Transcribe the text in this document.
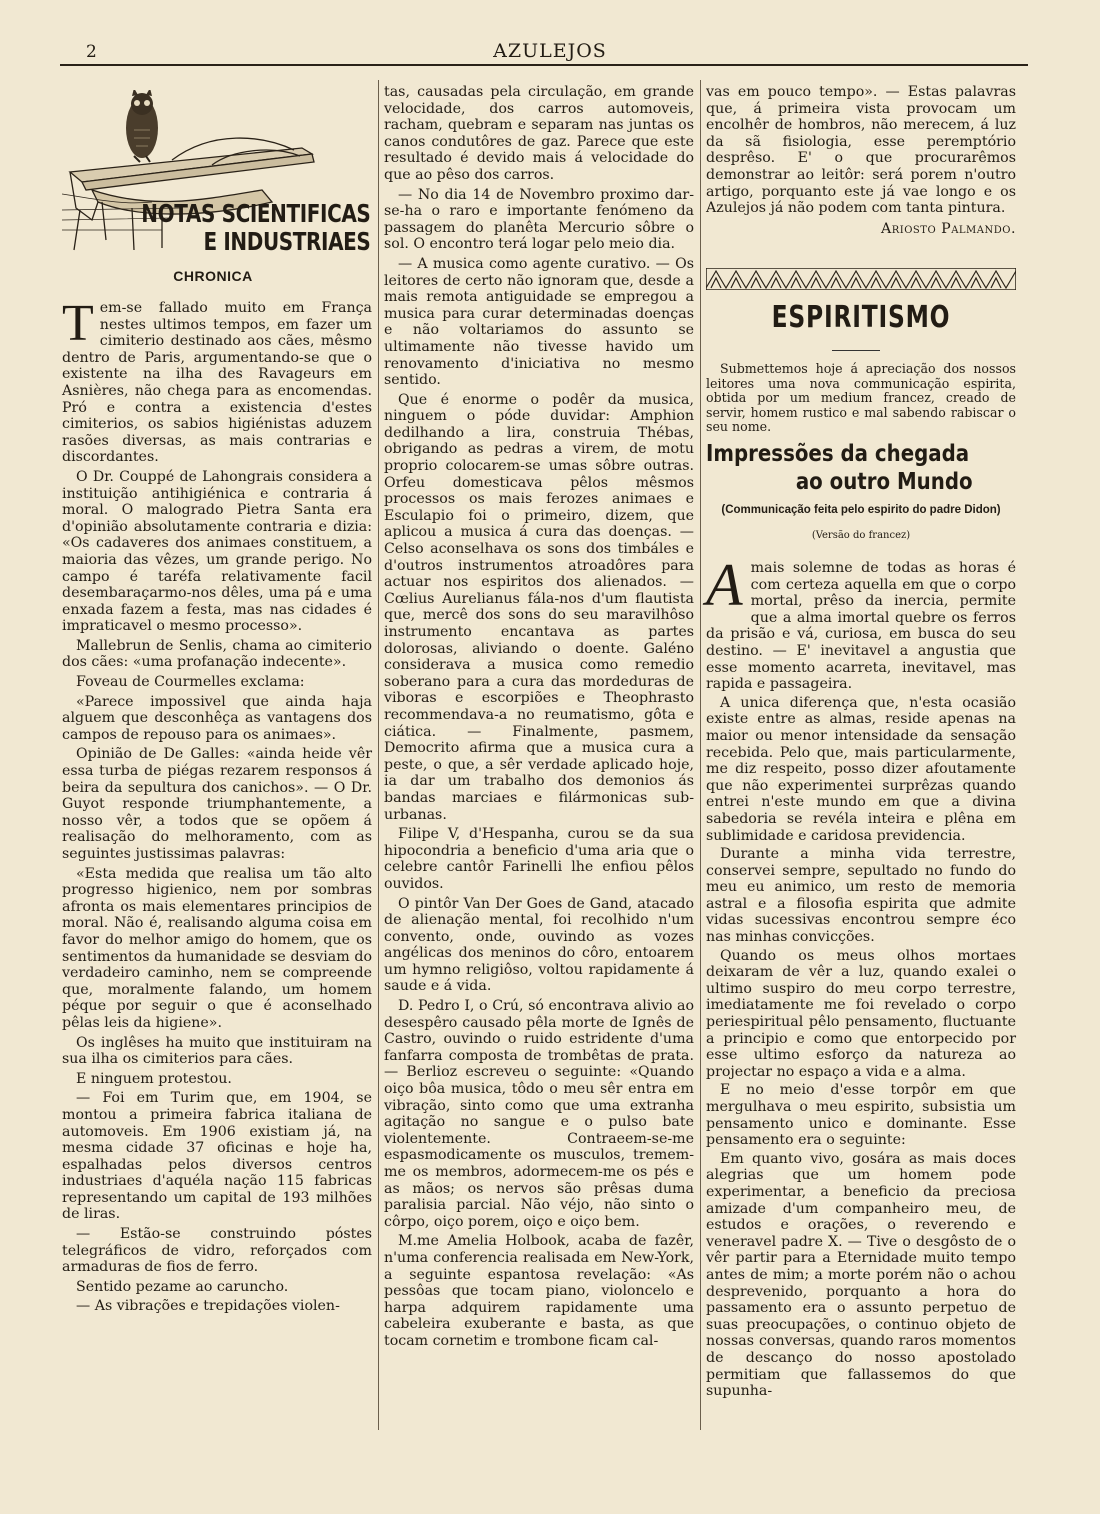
2	AZULEJOS
NOTAS SCIENTIFICAS
E INDUSTRIAES
CHRONICA

Tem-se fallado muito em França nestes ultimos tempos, em fazer um cimiterio destinado aos cães, mêsmo dentro de Paris, argumentando-se que o existente na ilha des Ravageurs em Asnières, não chega para as encomendas. Pró e contra a existencia d'estes cimiterios, os sabios higiénistas aduzem rasões diversas, as mais contrarias e discordantes.

O Dr. Couppé de Lahongrais considera a instituição antihigiénica e contraria á moral. O malogrado Pietra Santa era d'opinião absolutamente contraria e dizia: «Os cadaveres dos animaes constituem, a maioria das vêzes, um grande perigo. No campo é taréfa relativamente facil desembaraçarmo-nos dêles, uma pá e uma enxada fazem a festa, mas nas cidades é impraticavel o mesmo processo».

Mallebrun de Senlis, chama ao cimiterio dos cães: «uma profanação indecente».

Foveau de Courmelles exclama:

«Parece impossivel que ainda haja alguem que desconhêça as vantagens dos campos de repouso para os animaes».

Opinião de De Galles: «ainda heide vêr essa turba de piégas rezarem responsos á beira da sepultura dos canichos». — O Dr. Guyot responde triumphantemente, a nosso vêr, a todos que se opõem á realisação do melhoramento, com as seguintes justissimas palavras:

«Esta medida que realisa um tão alto progresso higienico, nem por sombras afronta os mais elementares principios de moral. Não é, realisando alguma coisa em favor do melhor amigo do homem, que os sentimentos da humanidade se desviam do verdadeiro caminho, nem se compreende que, moralmente falando, um homem péque por seguir o que é aconselhado pêlas leis da higiene».

Os inglêses ha muito que instituiram na sua ilha os cimiterios para cães.

E ninguem protestou.

— Foi em Turim que, em 1904, se montou a primeira fabrica italiana de automoveis. Em 1906 existiam já, na mesma cidade 37 oficinas e hoje ha, espalhadas pelos diversos centros industriaes d'aquéla nação 115 fabricas representando um capital de 193 milhões de liras.

— Estão-se construindo póstes telegráficos de vidro, reforçados com armaduras de fios de ferro.

Sentido pezame ao caruncho.

— As vibrações e trepidações violen-

tas, causadas pela circulação, em grande velocidade, dos carros automoveis, racham, quebram e separam nas juntas os canos condutôres de gaz. Parece que este resultado é devido mais á velocidade do que ao pêso dos carros.

— No dia 14 de Novembro proximo dar-se-ha o raro e importante fenómeno da passagem do planêta Mercurio sôbre o sol. O encontro terá logar pelo meio dia.

— A musica como agente curativo. — Os leitores de certo não ignoram que, desde a mais remota antiguidade se empregou a musica para curar determinadas doenças e não voltariamos do assunto se ultimamente não tivesse havido um renovamento d'iniciativa no mesmo sentido.

Que é enorme o podêr da musica, ninguem o póde duvidar: Amphion dedilhando a lira, construia Thébas, obrigando as pedras a virem, de motu proprio colocarem-se umas sôbre outras. Orfeu domesticava pêlos mêsmos processos os mais ferozes animaes e Esculapio foi o primeiro, dizem, que aplicou a musica á cura das doenças. — Celso aconselhava os sons dos timbáles e d'outros instrumentos atroadôres para actuar nos espiritos dos alienados. — Cœlius Aurelianus fála-nos d'um flautista que, mercê dos sons do seu maravilhôso instrumento encantava as partes dolorosas, aliviando o doente. Galéno considerava a musica como remedio soberano para a cura das mordeduras de viboras e escorpiões e Theophrasto recommendava-a no reumatismo, gôta e ciática. — Finalmente, pasmem, Democrito afirma que a musica cura a peste, o que, a sêr verdade aplicado hoje, ia dar um trabalho dos demonios ás bandas marciaes e filármonicas sub-urbanas.

Filipe V, d'Hespanha, curou se da sua hipocondria a beneficio d'uma aria que o celebre cantôr Farinelli lhe enfiou pêlos ouvidos.

O pintôr Van Der Goes de Gand, atacado de alienação mental, foi recolhido n'um convento, onde, ouvindo as vozes angélicas dos meninos do côro, entoarem um hymno religiôso, voltou rapidamente á saude e á vida.

D. Pedro I, o Crú, só encontrava alivio ao desespêro causado pêla morte de Ignês de Castro, ouvindo o ruido estridente d'uma fanfarra composta de trombêtas de prata. — Berlioz escreveu o seguinte: «Quando oiço bôa musica, tôdo o meu sêr entra em vibração, sinto como que uma extranha agitação no sangue e o pulso bate violentemente. Contraeem-se-me espasmodicamente os musculos, tremem-me os membros, adormecem-me os pés e as mãos; os nervos são prêsas duma paralisia parcial. Não véjo, não sinto o côrpo, oiço porem, oiço e oiço bem.

M.me Amelia Holbook, acaba de fazêr, n'uma conferencia realisada em New-York, a seguinte espantosa revelação: «As pessôas que tocam piano, violoncelo e harpa adquirem rapidamente uma cabeleira exuberante e basta, as que tocam cornetim e trombone ficam cal-

vas em pouco tempo». — Estas palavras que, á primeira vista provocam um encolhêr de hombros, não merecem, á luz da sã fisiologia, esse peremptório desprêso. E' o que procurarêmos demonstrar ao leitôr: será porem n'outro artigo, porquanto este já vae longo e os Azulejos já não podem com tanta pintura.

Ariosto Palmando.

ESPIRITISMO
Submettemos hoje á apreciação dos nossos leitores uma nova communicação espirita, obtida por um medium francez, creado de servir, homem rustico e mal sabendo rabiscar o seu nome.
Impressões da chegada
ao outro Mundo
(Communicação feita pelo espirito do padre Didon)
(Versão do francez)

Amais solemne de todas as horas é com certeza aquella em que o corpo mortal, prêso da inercia, permite que a alma imortal quebre os ferros da prisão e vá, curiosa, em busca do seu destino. — E' inevitavel a angustia que esse momento acarreta, inevitavel, mas rapida e passageira.

A unica diferença que, n'esta ocasião existe entre as almas, reside apenas na maior ou menor intensidade da sensação recebida. Pelo que, mais particularmente, me diz respeito, posso dizer afoutamente que não experimentei surprêzas quando entrei n'este mundo em que a divina sabedoria se revéla inteira e plêna em sublimidade e caridosa previdencia.

Durante a minha vida terrestre, conservei sempre, sepultado no fundo do meu eu animico, um resto de memoria astral e a filosofia espirita que admite vidas sucessivas encontrou sempre éco nas minhas convicções.

Quando os meus olhos mortaes deixaram de vêr a luz, quando exalei o ultimo suspiro do meu corpo terrestre, imediatamente me foi revelado o corpo periespiritual pêlo pensamento, fluctuante a principio e como que entorpecido por esse ultimo esforço da natureza ao projectar no espaço a vida e a alma.

E no meio d'esse torpôr em que mergulhava o meu espirito, subsistia um pensamento unico e dominante. Esse pensamento era o seguinte:

Em quanto vivo, gosára as mais doces alegrias que um homem pode experimentar, a beneficio da preciosa amizade d'um companheiro meu, de estudos e orações, o reverendo e veneravel padre X. — Tive o desgôsto de o vêr partir para a Eternidade muito tempo antes de mim; a morte porém não o achou desprevenido, porquanto a hora do passamento era o assunto perpetuo de suas preocupações, o continuo objeto de nossas conversas, quando raros momentos de descanço do nosso apostolado permitiam que fallassemos do que supunha-
